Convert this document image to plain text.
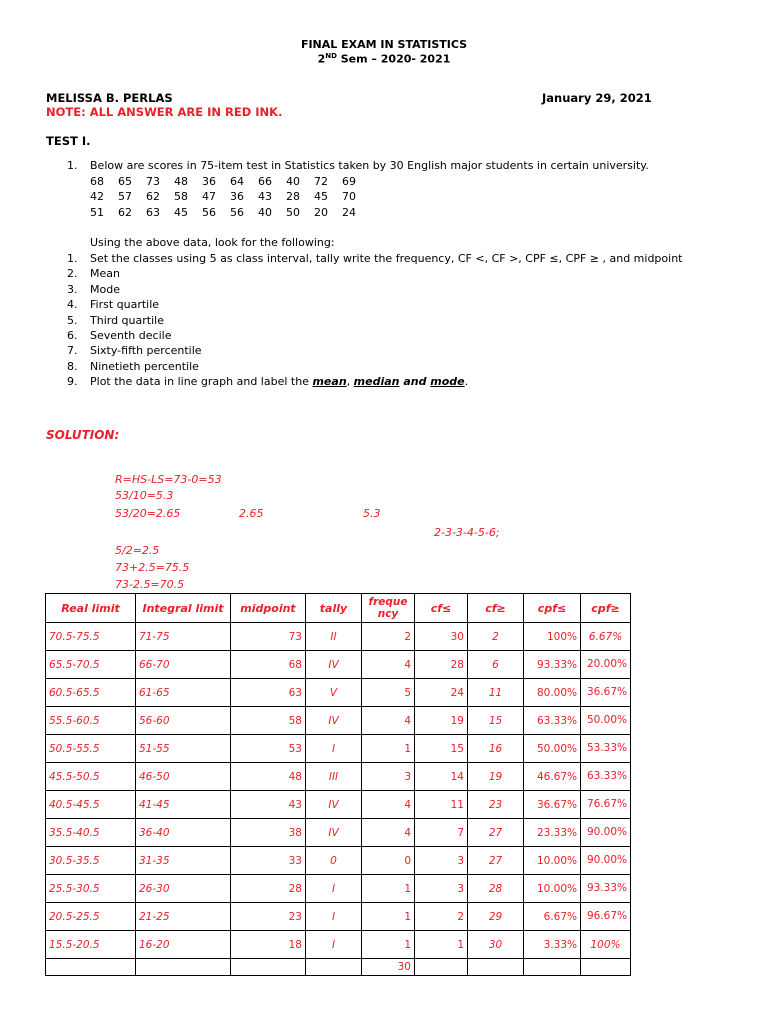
FINAL EXAM IN STATISTICS
2ND Sem – 2020- 2021
MELISSA B. PERLAS	January 29, 2021
NOTE: ALL ANSWER ARE IN RED INK.
TEST I.
1. Below are scores in 75-item test in Statistics taken by 30 English major students in certain university.
68 65 73 48 36 64 66 40 72 69
42 57 62 58 47 36 43 28 45 70
51 62 63 45 56 56 40 50 20 24
Using the above data, look for the following:
1. Set the classes using 5 as class interval, tally write the frequency, CF <, CF >, CPF ≤, CPF ≥ , and midpoint
2. Mean
3. Mode
4. First quartile
5. Third quartile
6. Seventh decile
7. Sixty-fifth percentile
8. Ninetieth percentile
9. Plot the data in line graph and label the mean, median and mode.
SOLUTION:
R=HS-LS=73-0=53
53/10=5.3
53/20=2.65	2.65	5.3
2-3-3-4-5-6;
5/2=2.5
73+2.5=75.5
73-2.5=70.5
Real limit	Integral limit	midpoint	tally	frequency	cf≤	cf≥	cpf≤	cpf≥
70.5-75.5	71-75	73	II	2	30	2	100%	6.67%
65.5-70.5	66-70	68	IV	4	28	6	93.33%	20.00%
60.5-65.5	61-65	63	V	5	24	11	80.00%	36.67%
55.5-60.5	56-60	58	IV	4	19	15	63.33%	50.00%
50.5-55.5	51-55	53	I	1	15	16	50.00%	53.33%
45.5-50.5	46-50	48	III	3	14	19	46.67%	63.33%
40.5-45.5	41-45	43	IV	4	11	23	36.67%	76.67%
35.5-40.5	36-40	38	IV	4	7	27	23.33%	90.00%
30.5-35.5	31-35	33	0	0	3	27	10.00%	90.00%
25.5-30.5	26-30	28	I	1	3	28	10.00%	93.33%
20.5-25.5	21-25	23	I	1	2	29	6.67%	96.67%
15.5-20.5	16-20	18	I	1	1	30	3.33%	100%
				30				
